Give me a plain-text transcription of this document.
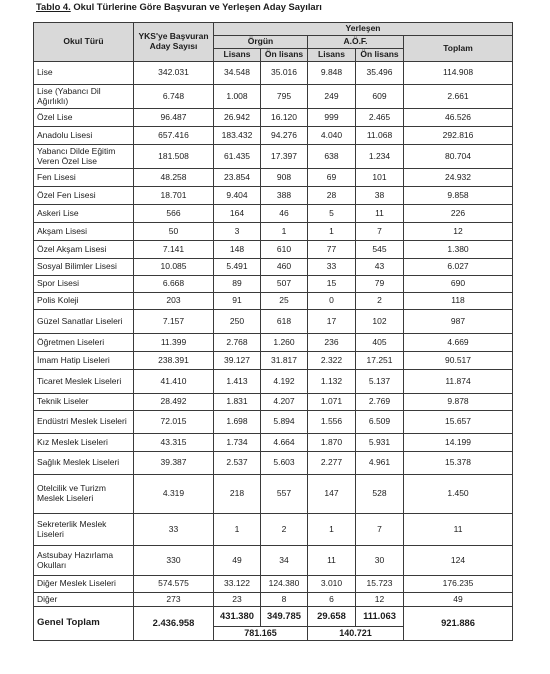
Tablo 4. Okul Türlerine Göre Başvuran ve Yerleşen Aday Sayıları
Okul Türü	YKS'ye Başvuran Aday Sayısı	Yerleşen				
		Örgün		A.Ö.F.		Toplam
		Lisans	Ön lisans	Lisans	Ön lisans	
Lise	342.031	34.548	35.016	9.848	35.496	114.908
Lise (Yabancı Dil Ağırlıklı)	6.748	1.008	795	249	609	2.661
Özel Lise	96.487	26.942	16.120	999	2.465	46.526
Anadolu Lisesi	657.416	183.432	94.276	4.040	11.068	292.816
Yabancı Dilde Eğitim Veren Özel Lise	181.508	61.435	17.397	638	1.234	80.704
Fen Lisesi	48.258	23.854	908	69	101	24.932
Özel Fen Lisesi	18.701	9.404	388	28	38	9.858
Askeri Lise	566	164	46	5	11	226
Akşam Lisesi	50	3	1	1	7	12
Özel Akşam Lisesi	7.141	148	610	77	545	1.380
Sosyal Bilimler Lisesi	10.085	5.491	460	33	43	6.027
Spor Lisesi	6.668	89	507	15	79	690
Polis Koleji	203	91	25	0	2	118
Güzel Sanatlar Liseleri	7.157	250	618	17	102	987
Öğretmen Liseleri	11.399	2.768	1.260	236	405	4.669
İmam Hatip Liseleri	238.391	39.127	31.817	2.322	17.251	90.517
Ticaret Meslek Liseleri	41.410	1.413	4.192	1.132	5.137	11.874
Teknik Liseler	28.492	1.831	4.207	1.071	2.769	9.878
Endüstri Meslek Liseleri	72.015	1.698	5.894	1.556	6.509	15.657
Kız Meslek Liseleri	43.315	1.734	4.664	1.870	5.931	14.199
Sağlık Meslek Liseleri	39.387	2.537	5.603	2.277	4.961	15.378
Otelcilik ve Turizm Meslek Liseleri	4.319	218	557	147	528	1.450
Sekreterlik Meslek Liseleri	33	1	2	1	7	11
Astsubay Hazırlama Okulları	330	49	34	11	30	124
Diğer Meslek Liseleri	574.575	33.122	124.380	3.010	15.723	176.235
Diğer	273	23	8	6	12	49
Genel Toplam	2.436.958	431.380	349.785	29.658	111.063	921.886
		781.165		140.721		
